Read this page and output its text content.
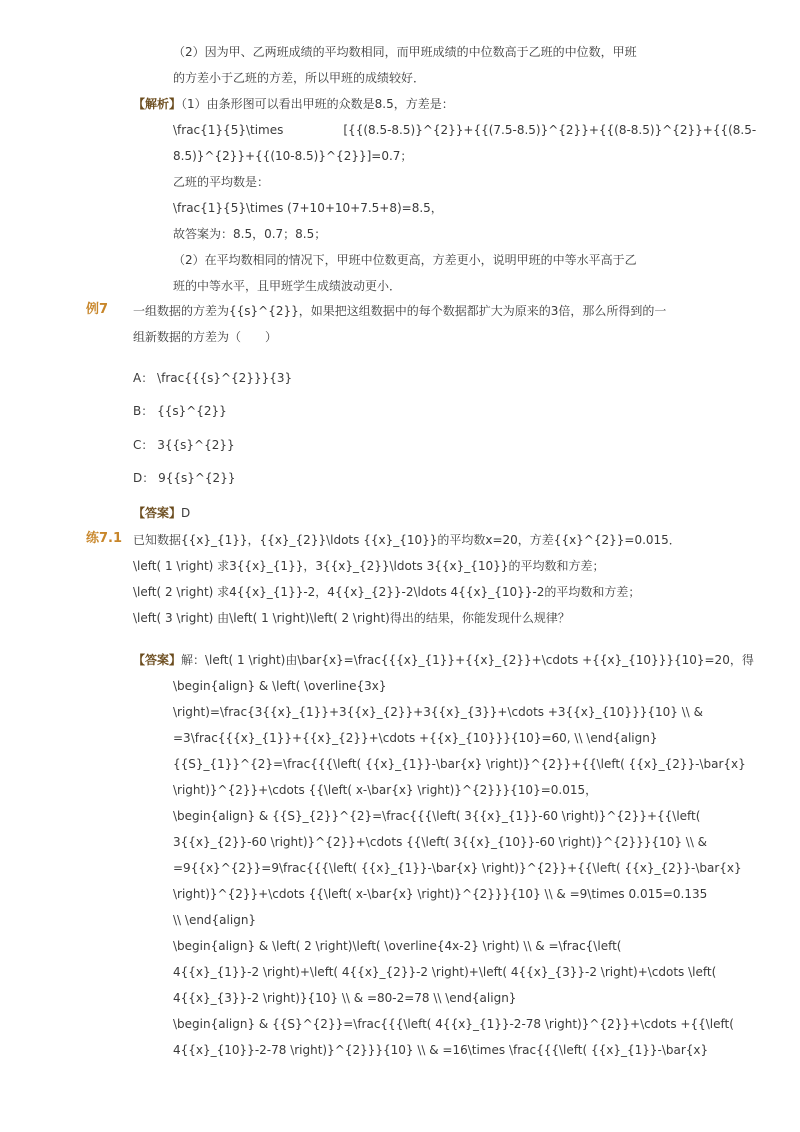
（2）因为甲、乙两班成绩的平均数相同，而甲班成绩的中位数高于乙班的中位数，甲班
的方差小于乙班的方差，所以甲班的成绩较好．
【解析】（1）由条形图可以看出甲班的众数是8.5，方差是：
\frac{1}{5}\times	[{{(8.5-8.5)}^{2}}+{{(7.5-8.5)}^{2}}+{{(8-8.5)}^{2}}+{{(8.5-
8.5)}^{2}}+{{(10-8.5)}^{2}}]=0.7；
乙班的平均数是：
\frac{1}{5}\times (7+10+10+7.5+8)=8.5，
故答案为：8.5，0.7；8.5；
（2）在平均数相同的情况下，甲班中位数更高，方差更小，说明甲班的中等水平高于乙
班的中等水平，且甲班学生成绩波动更小．
例7 一组数据的方差为{{s}^{2}}，如果把这组数据中的每个数据都扩大为原来的3倍，那么所得到的一
组新数据的方差为（　　）
A： \frac{{{s}^{2}}}{3}
B： {{s}^{2}}
C： 3{{s}^{2}}
D： 9{{s}^{2}}
【答案】D
练7.1 已知数据{{x}_{1}}，{{x}_{2}}\ldots {{x}_{10}}的平均数x=20，方差{{x}^{2}}=0.015．
\left( 1 \right) 求3{{x}_{1}}，3{{x}_{2}}\ldots 3{{x}_{10}}的平均数和方差；
\left( 2 \right) 求4{{x}_{1}}-2，4{{x}_{2}}-2\ldots 4{{x}_{10}}-2的平均数和方差；
\left( 3 \right) 由\left( 1 \right)\left( 2 \right)得出的结果，你能发现什么规律？
【答案】解：\left( 1 \right)由\bar{x}=\frac{{{x}_{1}}+{{x}_{2}}+\cdots +{{x}_{10}}}{10}=20，得
\begin{align} & \left( \overline{3x}
\right)=\frac{3{{x}_{1}}+3{{x}_{2}}+3{{x}_{3}}+\cdots +3{{x}_{10}}}{10} \\ &
=3\frac{{{x}_{1}}+{{x}_{2}}+\cdots +{{x}_{10}}}{10}=60, \\ \end{align}
{{S}_{1}}^{2}=\frac{{{\left( {{x}_{1}}-\bar{x} \right)}^{2}}+{{\left( {{x}_{2}}-\bar{x}
\right)}^{2}}+\cdots {{\left( x-\bar{x} \right)}^{2}}}{10}=0.015，
\begin{align} & {{S}_{2}}^{2}=\frac{{{\left( 3{{x}_{1}}-60 \right)}^{2}}+{{\left(
3{{x}_{2}}-60 \right)}^{2}}+\cdots {{\left( 3{{x}_{10}}-60 \right)}^{2}}}{10} \\ &
=9{{x}^{2}}=9\frac{{{\left( {{x}_{1}}-\bar{x} \right)}^{2}}+{{\left( {{x}_{2}}-\bar{x}
\right)}^{2}}+\cdots {{\left( x-\bar{x} \right)}^{2}}}{10} \\ & =9\times 0.015=0.135
\\ \end{align}
\begin{align} & \left( 2 \right)\left( \overline{4x-2} \right) \\ & =\frac{\left(
4{{x}_{1}}-2 \right)+\left( 4{{x}_{2}}-2 \right)+\left( 4{{x}_{3}}-2 \right)+\cdots \left(
4{{x}_{3}}-2 \right)}{10} \\ & =80-2=78 \\ \end{align}
\begin{align} & {{S}^{2}}=\frac{{{\left( 4{{x}_{1}}-2-78 \right)}^{2}}+\cdots +{{\left(
4{{x}_{10}}-2-78 \right)}^{2}}}{10} \\ & =16\times \frac{{{\left( {{x}_{1}}-\bar{x}
